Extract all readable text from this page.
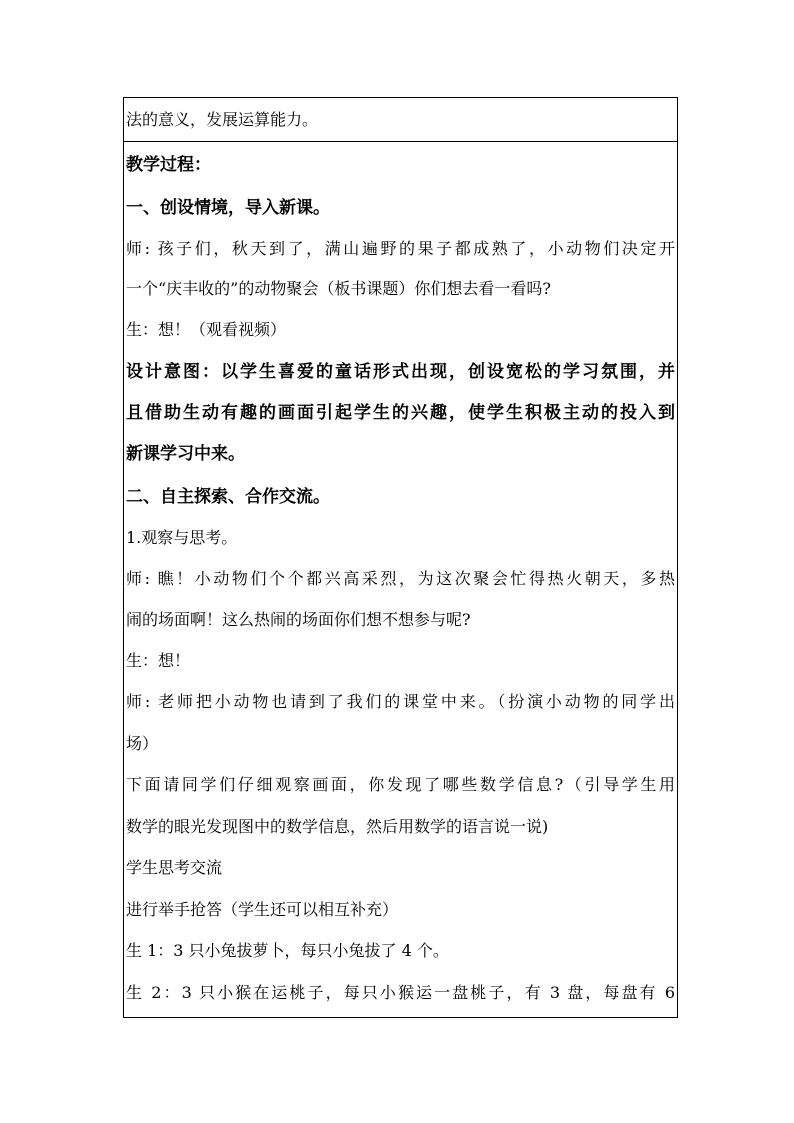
法的意义，发展运算能力。
教学过程：
一、创设情境，导入新课。
师: 孩子们，秋天到了，满山遍野的果子都成熟了，小动物们决定开
一个“庆丰收的”的动物聚会（板书课题）你们想去看一看吗?
生：想！（观看视频）
设计意图：以学生喜爱的童话形式出现，创设宽松的学习氛围，并
且借助生动有趣的画面引起学生的兴趣，使学生积极主动的投入到
新课学习中来。
二、自主探索、合作交流。
1.观察与思考。
师: 瞧！小动物们个个都兴高采烈，为这次聚会忙得热火朝天，多热
闹的场面啊！这么热闹的场面你们想不想参与呢?
生：想！
师: 老师把小动物也请到了我们的课堂中来。（扮演小动物的同学出
场）
下面请同学们仔细观察画面，你发现了哪些数学信息?（引导学生用
数学的眼光发现图中的数学信息，然后用数学的语言说一说)
学生思考交流
进行举手抢答（学生还可以相互补充）
生 1：3 只小兔拔萝卜，每只小兔拔了 4 个。
生 2：3 只小猴在运桃子，每只小猴运一盘桃子，有 3 盘，每盘有 6
